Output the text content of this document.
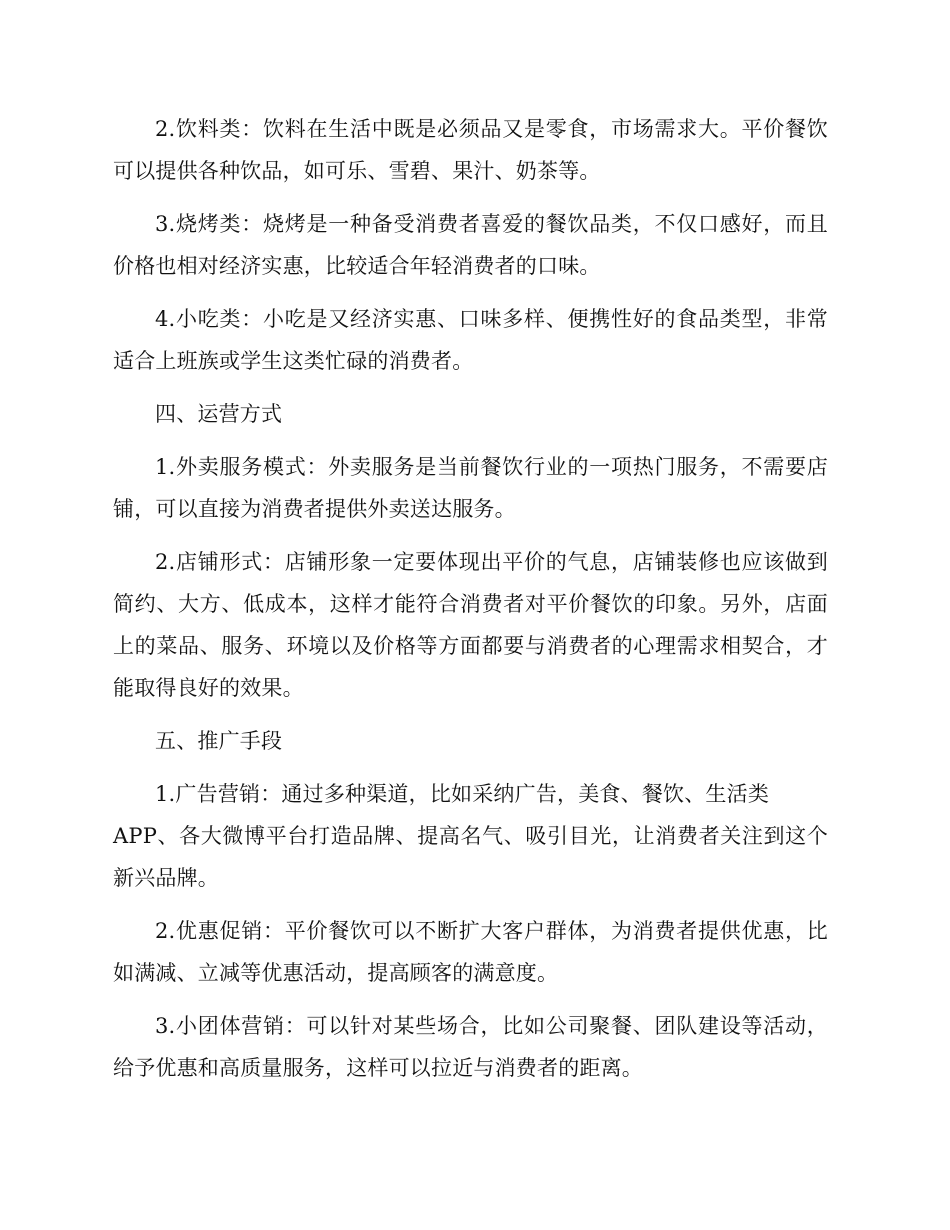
2.饮料类：饮料在生活中既是必须品又是零食，市场需求大。平价餐饮可以提供各种饮品，如可乐、雪碧、果汁、奶茶等。

3.烧烤类：烧烤是一种备受消费者喜爱的餐饮品类，不仅口感好，而且价格也相对经济实惠，比较适合年轻消费者的口味。

4.小吃类：小吃是又经济实惠、口味多样、便携性好的食品类型，非常适合上班族或学生这类忙碌的消费者。

四、运营方式

1.外卖服务模式：外卖服务是当前餐饮行业的一项热门服务，不需要店铺，可以直接为消费者提供外卖送达服务。

2.店铺形式：店铺形象一定要体现出平价的气息，店铺装修也应该做到简约、大方、低成本，这样才能符合消费者对平价餐饮的印象。另外，店面上的菜品、服务、环境以及价格等方面都要与消费者的心理需求相契合，才能取得良好的效果。

五、推广手段

1.广告营销：通过多种渠道，比如采纳广告，美食、餐饮、生活类
APP、各大微博平台打造品牌、提高名气、吸引目光，让消费者关注到这个新兴品牌。

2.优惠促销：平价餐饮可以不断扩大客户群体，为消费者提供优惠，比如满减、立减等优惠活动，提高顾客的满意度。

3.小团体营销：可以针对某些场合，比如公司聚餐、团队建设等活动，给予优惠和高质量服务，这样可以拉近与消费者的距离。
